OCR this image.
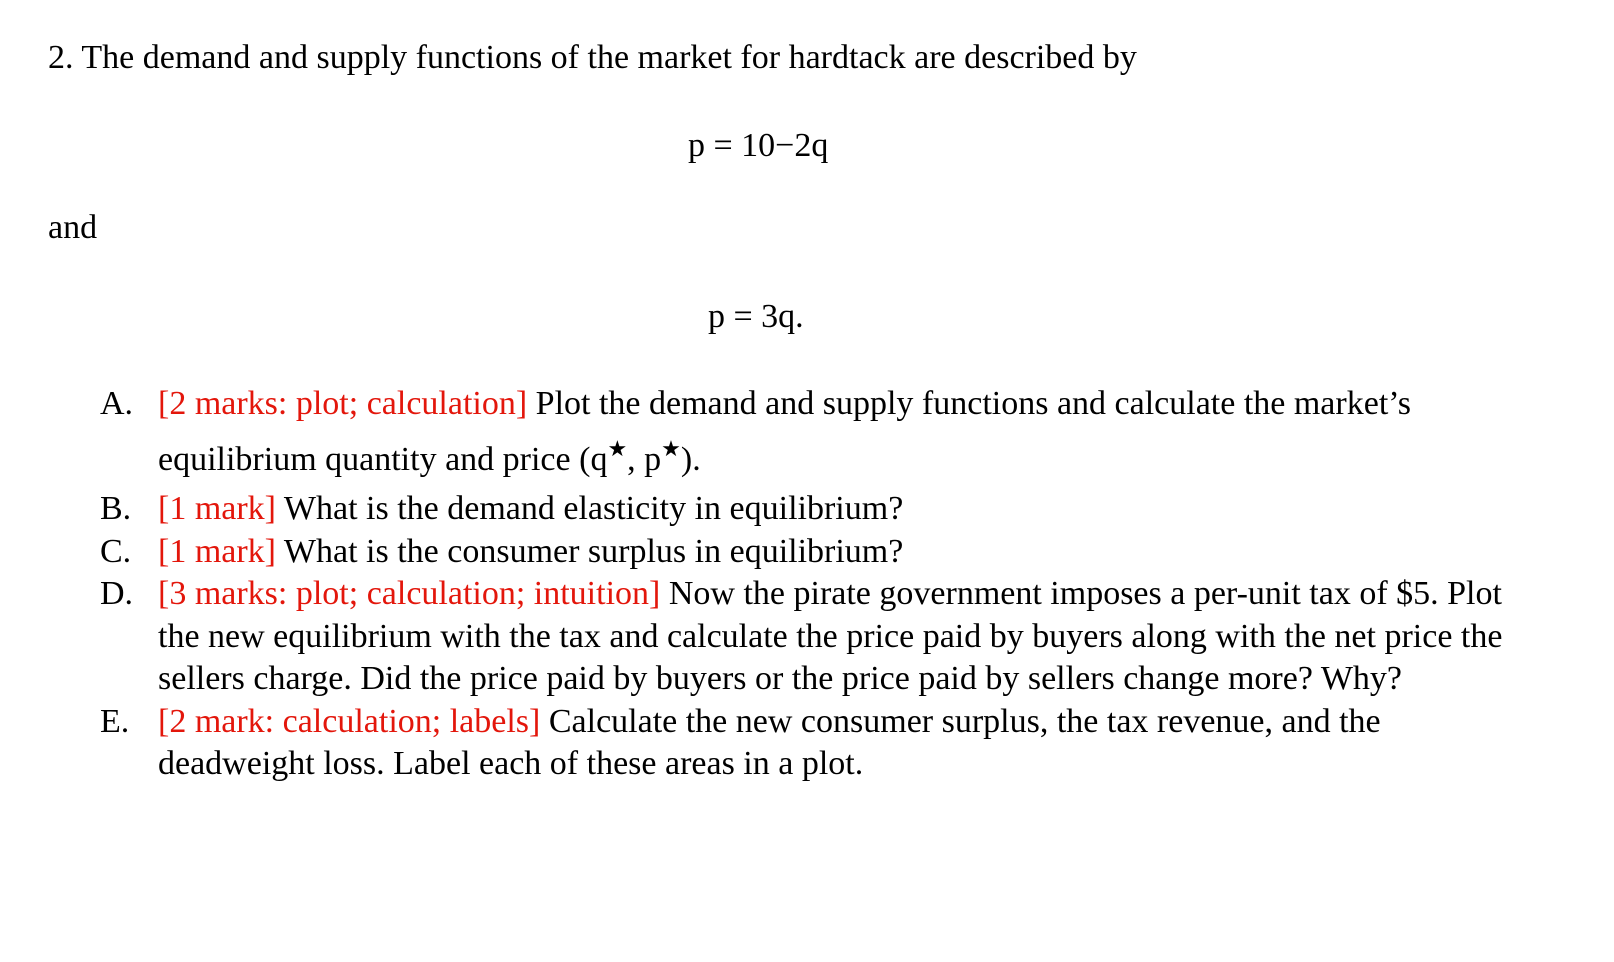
2. The demand and supply functions of the market for hardtack are described by
p = 10−2q
and
p = 3q.
A. [2 marks: plot; calculation] Plot the demand and supply functions and calculate the market’s equilibrium quantity and price (q★, p★).
B. [1 mark] What is the demand elasticity in equilibrium?
C. [1 mark] What is the consumer surplus in equilibrium?
D. [3 marks: plot; calculation; intuition] Now the pirate government imposes a per-unit tax of $5. Plot the new equilibrium with the tax and calculate the price paid by buyers along with the net price the sellers charge. Did the price paid by buyers or the price paid by sellers change more? Why?
E. [2 mark: calculation; labels] Calculate the new consumer surplus, the tax revenue, and the deadweight loss. Label each of these areas in a plot.
